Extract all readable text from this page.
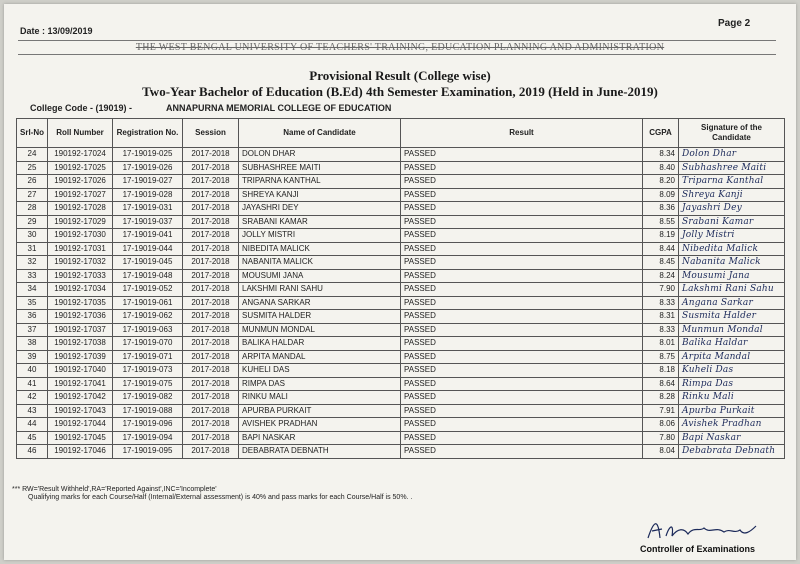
Date : 13/09/2019
Page 2
THE WEST BENGAL UNIVERSITY OF TEACHERS' TRAINING, EDUCATION PLANNING AND ADMINISTRATION
Provisional Result (College wise)
Two-Year Bachelor of Education (B.Ed) 4th Semester Examination, 2019 (Held in June-2019)
College Code - (19019) -	ANNAPURNA MEMORIAL COLLEGE OF EDUCATION
Srl-No	Roll Number	Registration No.	Session	Name of Candidate	Result	CGPA	Signature of the Candidate
24	190192-17024	17-19019-025	2017-2018	DOLON DHAR	PASSED	8.34	Dolon Dhar
25	190192-17025	17-19019-026	2017-2018	SUBHASHREE MAITI	PASSED	8.40	Subhashree Maiti
26	190192-17026	17-19019-027	2017-2018	TRIPARNA KANTHAL	PASSED	8.20	Triparna Kanthal
27	190192-17027	17-19019-028	2017-2018	SHREYA KANJI	PASSED	8.09	Shreya Kanji
28	190192-17028	17-19019-031	2017-2018	JAYASHRI DEY	PASSED	8.36	Jayashri Dey
29	190192-17029	17-19019-037	2017-2018	SRABANI KAMAR	PASSED	8.55	Srabani Kamar
30	190192-17030	17-19019-041	2017-2018	JOLLY MISTRI	PASSED	8.19	Jolly Mistri
31	190192-17031	17-19019-044	2017-2018	NIBEDITA MALICK	PASSED	8.44	Nibedita Malick
32	190192-17032	17-19019-045	2017-2018	NABANITA MALICK	PASSED	8.45	Nabanita Malick
33	190192-17033	17-19019-048	2017-2018	MOUSUMI JANA	PASSED	8.24	Mousumi Jana
34	190192-17034	17-19019-052	2017-2018	LAKSHMI RANI SAHU	PASSED	7.90	Lakshmi Rani Sahu
35	190192-17035	17-19019-061	2017-2018	ANGANA SARKAR	PASSED	8.33	Angana Sarkar
36	190192-17036	17-19019-062	2017-2018	SUSMITA HALDER	PASSED	8.31	Susmita Halder
37	190192-17037	17-19019-063	2017-2018	MUNMUN MONDAL	PASSED	8.33	Munmun Mondal
38	190192-17038	17-19019-070	2017-2018	BALIKA HALDAR	PASSED	8.01	Balika Haldar
39	190192-17039	17-19019-071	2017-2018	ARPITA MANDAL	PASSED	8.75	Arpita Mandal
40	190192-17040	17-19019-073	2017-2018	KUHELI DAS	PASSED	8.18	Kuheli Das
41	190192-17041	17-19019-075	2017-2018	RIMPA DAS	PASSED	8.64	Rimpa Das
42	190192-17042	17-19019-082	2017-2018	RINKU MALI	PASSED	8.28	Rinku Mali
43	190192-17043	17-19019-088	2017-2018	APURBA PURKAIT	PASSED	7.91	Apurba Purkait
44	190192-17044	17-19019-096	2017-2018	AVISHEK PRADHAN	PASSED	8.06	Avishek Pradhan
45	190192-17045	17-19019-094	2017-2018	BAPI NASKAR	PASSED	7.80	Bapi Naskar
46	190192-17046	17-19019-095	2017-2018	DEBABRATA DEBNATH	PASSED	8.04	Debabrata Debnath
*** RW='Result Withheld',RA='Reported Against',INC='Incomplete'
Qualifying marks for each Course/Half (Internal/External assessment) is 40% and pass marks for each Course/Half is 50%. .
Controller of Examinations
